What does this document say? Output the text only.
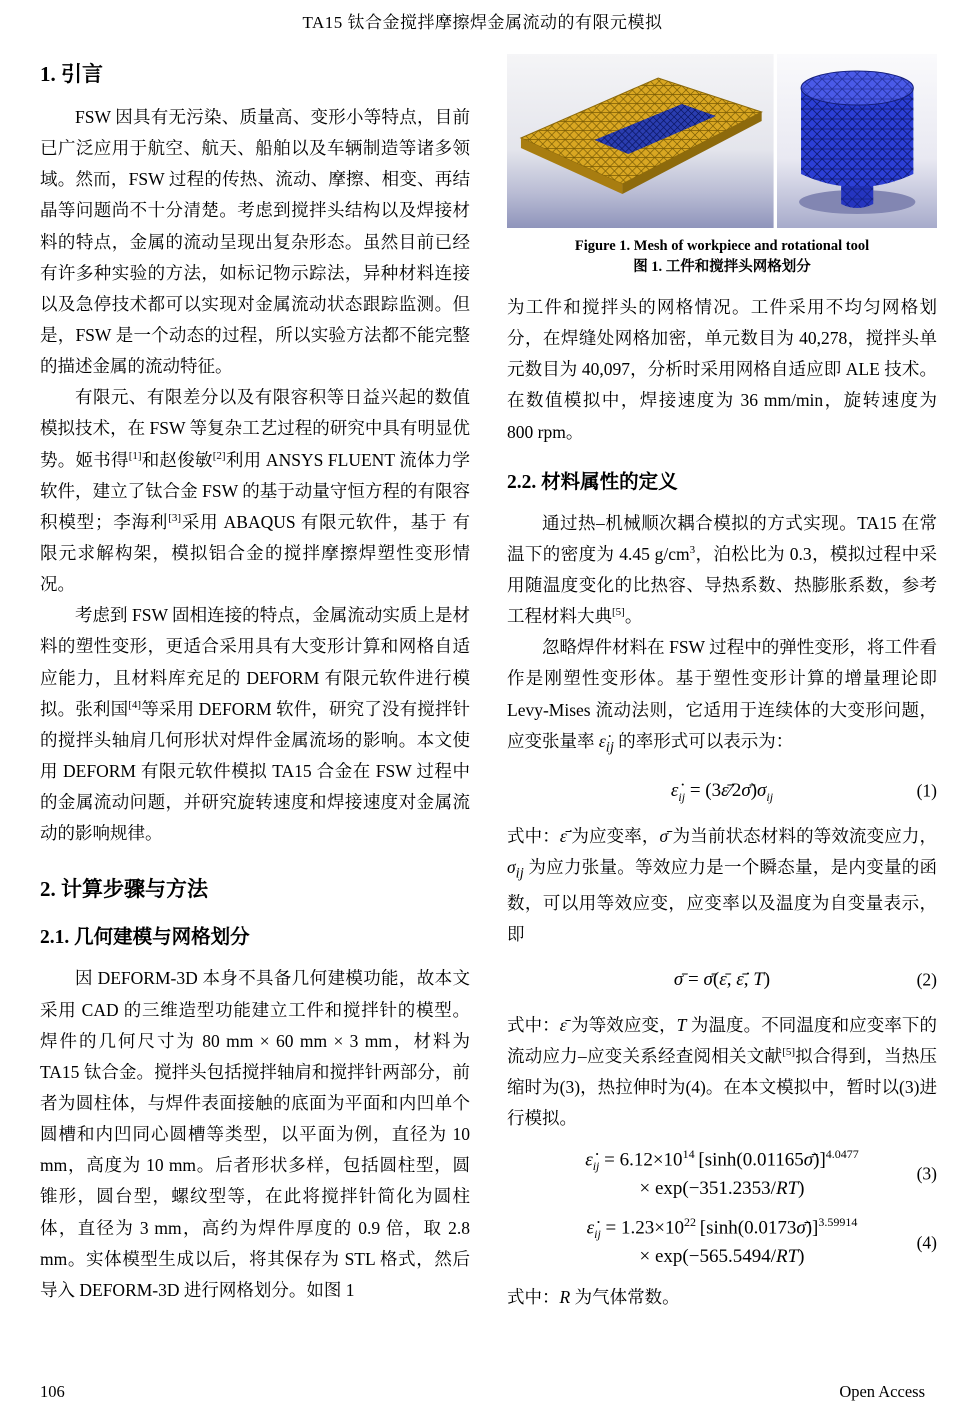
TA15 钛合金搅拌摩擦焊金属流动的有限元模拟
1. 引言

FSW 因具有无污染、质量高、变形小等特点，目前已广泛应用于航空、航天、船舶以及车辆制造等诸多领域。然而，FSW 过程的传热、流动、摩擦、相变、再结晶等问题尚不十分清楚。考虑到搅拌头结构以及焊接材料的特点，金属的流动呈现出复杂形态。虽然目前已经有许多种实验的方法，如标记物示踪法，异种材料连接以及急停技术都可以实现对金属流动状态跟踪监测。但是，FSW 是一个动态的过程，所以实验方法都不能完整的描述金属的流动特征。

有限元、有限差分以及有限容积等日益兴起的数值模拟技术，在 FSW 等复杂工艺过程的研究中具有明显优势。姬书得[1]和赵俊敏[2]利用 ANSYS FLUENT 流体力学软件，建立了钛合金 FSW 的基于动量守恒方程的有限容积模型；李海利[3]采用 ABAQUS 有限元软件，基于 有限元求解构架，模拟铝合金的搅拌摩擦焊塑性变形情况。

考虑到 FSW 固相连接的特点，金属流动实质上是材料的塑性变形，更适合采用具有大变形计算和网格自适应能力，且材料库充足的 DEFORM 有限元软件进行模拟。张利国[4]等采用 DEFORM 软件，研究了没有搅拌针的搅拌头轴肩几何形状对焊件金属流场的影响。本文使用 DEFORM 有限元软件模拟 TA15 合金在 FSW 过程中的金属流动问题，并研究旋转速度和焊接速度对金属流动的影响规律。

2. 计算步骤与方法
2.1. 几何建模与网格划分

因 DEFORM-3D 本身不具备几何建模功能，故本文采用 CAD 的三维造型功能建立工件和搅拌针的模型。焊件的几何尺寸为 80 mm × 60 mm × 3 mm，材料为 TA15 钛合金。搅拌头包括搅拌轴肩和搅拌针两部分，前者为圆柱体，与焊件表面接触的底面为平面和内凹单个圆槽和内凹同心圆槽等类型，以平面为例，直径为 10 mm，高度为 10 mm。后者形状多样，包括圆柱型，圆锥形，圆台型，螺纹型等，在此将搅拌针简化为圆柱体，直径为 3 mm，高约为焊件厚度的 0.9 倍，取 2.8 mm。实体模型生成以后，将其保存为 STL 格式，然后导入 DEFORM-3D 进行网格划分。如图 1

Figure 1. Mesh of workpiece and rotational tool
图 1. 工件和搅拌头网格划分

为工件和搅拌头的网格情况。工件采用不均匀网格划分，在焊缝处网格加密，单元数目为 40,278，搅拌头单元数目为 40,097，分析时采用网格自适应即 ALE 技术。在数值模拟中，焊接速度为 36 mm/min，旋转速度为 800 rpm。

2.2. 材料属性的定义

通过热–机械顺次耦合模拟的方式实现。TA15 在常温下的密度为 4.45 $g/cm^3$，泊松比为 0.3，模拟过程中采用随温度变化的比热容、导热系数、热膨胀系数，参考工程材料大典[5]。

忽略焊件材料在 FSW 过程中的弹性变形，将工件看作是刚塑性变形体。基于塑性变形计算的增量理论即 Levy-Mises 流动法则，它适用于连续体的大变形问题，应变张量率 $\varepsiloṅ_{ij}$ 的率形式可以表示为：

$\varepsiloṅ_{ij}$ = $(3\varepsilon̄̇⁄2\sigmā)\sigma_{ij}$	(1)

式中：ε̄̇ 为应变率，σ̄ 为当前状态材料的等效流变应力，$\sigma_{ij}$ 为应力张量。等效应力是一个瞬态量，是内变量的函数，可以用等效应变，应变率以及温度为自变量表示，即

σ̄ = σ̄(ε̄, ε̄̇, T)	(2)

式中：ε̄ 为等效应变，T 为温度。不同温度和应变率下的流动应力–应变关系经查阅相关文献[5]拟合得到，当热压缩时为(3)，热拉伸时为(4)。在本文模拟中，暂时以(3)进行模拟。

$\varepsiloṅ_{ij} = 6.12\times 10^{14}$ [sinh(0.01165σ̄)]$^{4.0477}$
× exp(−351.2353/RT)
(3)
$\varepsiloṅ_{ij} = 1.23\times 10^{22}$ [sinh(0.0173σ̄)]$^{3.59914}$
× exp(−565.5494/RT)
(4)

式中：R 为气体常数。

106	Open Access
